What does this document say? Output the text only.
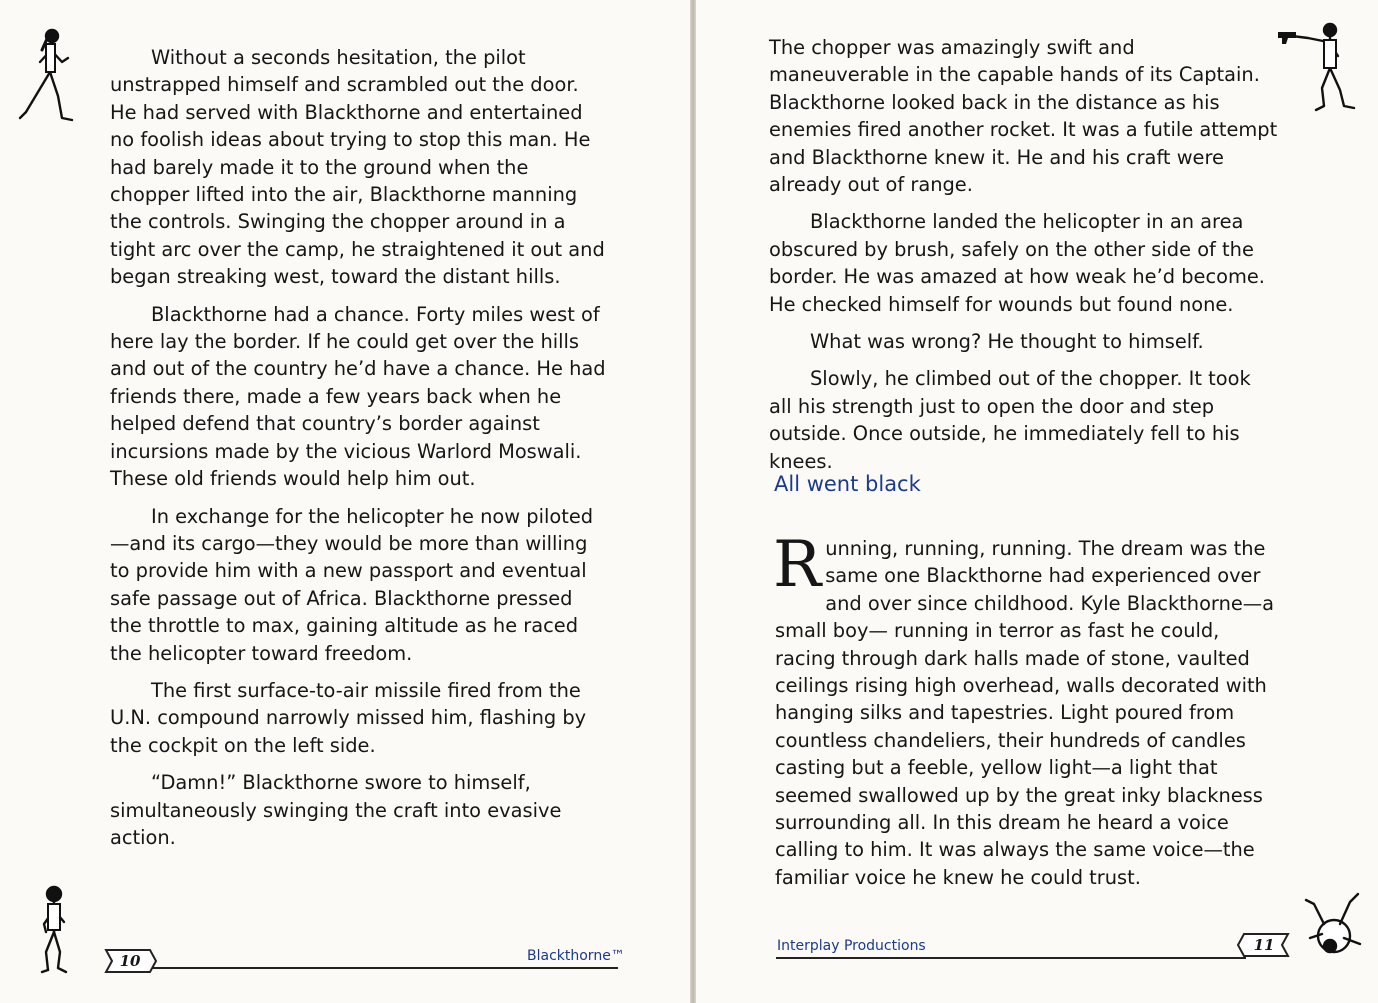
Without a seconds hesitation, the pilot unstrapped himself and scrambled out the door. He had served with Blackthorne and entertained no foolish ideas about trying to stop this man. He had barely made it to the ground when the chopper lifted into the air, Blackthorne manning the controls. Swinging the chopper around in a tight arc over the camp, he straightened it out and began streaking west, toward the distant hills.

Blackthorne had a chance. Forty miles west of here lay the border. If he could get over the hills and out of the country he’d have a chance. He had friends there, made a few years back when he helped defend that country’s border against incursions made by the vicious Warlord Moswali. These old friends would help him out.

In exchange for the helicopter he now piloted—and its cargo—they would be more than willing to provide him with a new passport and eventual safe passage out of Africa. Blackthorne pressed the throttle to max, gaining altitude as he raced the helicopter toward freedom.

The first surface-to-air missile fired from the U.N. compound narrowly missed him, flashing by the cockpit on the left side.

“Damn!” Blackthorne swore to himself, simultaneously swinging the craft into evasive action.

The chopper was amazingly swift and maneuverable in the capable hands of its Captain. Blackthorne looked back in the distance as his enemies fired another rocket. It was a futile attempt and Blackthorne knew it. He and his craft were already out of range.

Blackthorne landed the helicopter in an area obscured by brush, safely on the other side of the border. He was amazed at how weak he’d become. He checked himself for wounds but found none.

What was wrong? He thought to himself.

Slowly, he climbed out of the chopper. It took all his strength just to open the door and step outside. Once outside, he immediately fell to his knees.

All went black

Running, running, running. The dream was the same one Blackthorne had experienced over and over since childhood. Kyle Blackthorne—a small boy— running in terror as fast he could, racing through dark halls made of stone, vaulted ceilings rising high overhead, walls decorated with hanging silks and tapestries. Light poured from countless chandeliers, their hundreds of candles casting but a feeble, yellow light—a light that seemed swallowed up by the great inky blackness surrounding all. In this dream he heard a voice calling to him. It was always the same voice—the familiar voice he knew he could trust.

10
11
Blackthorne™
Interplay Productions
